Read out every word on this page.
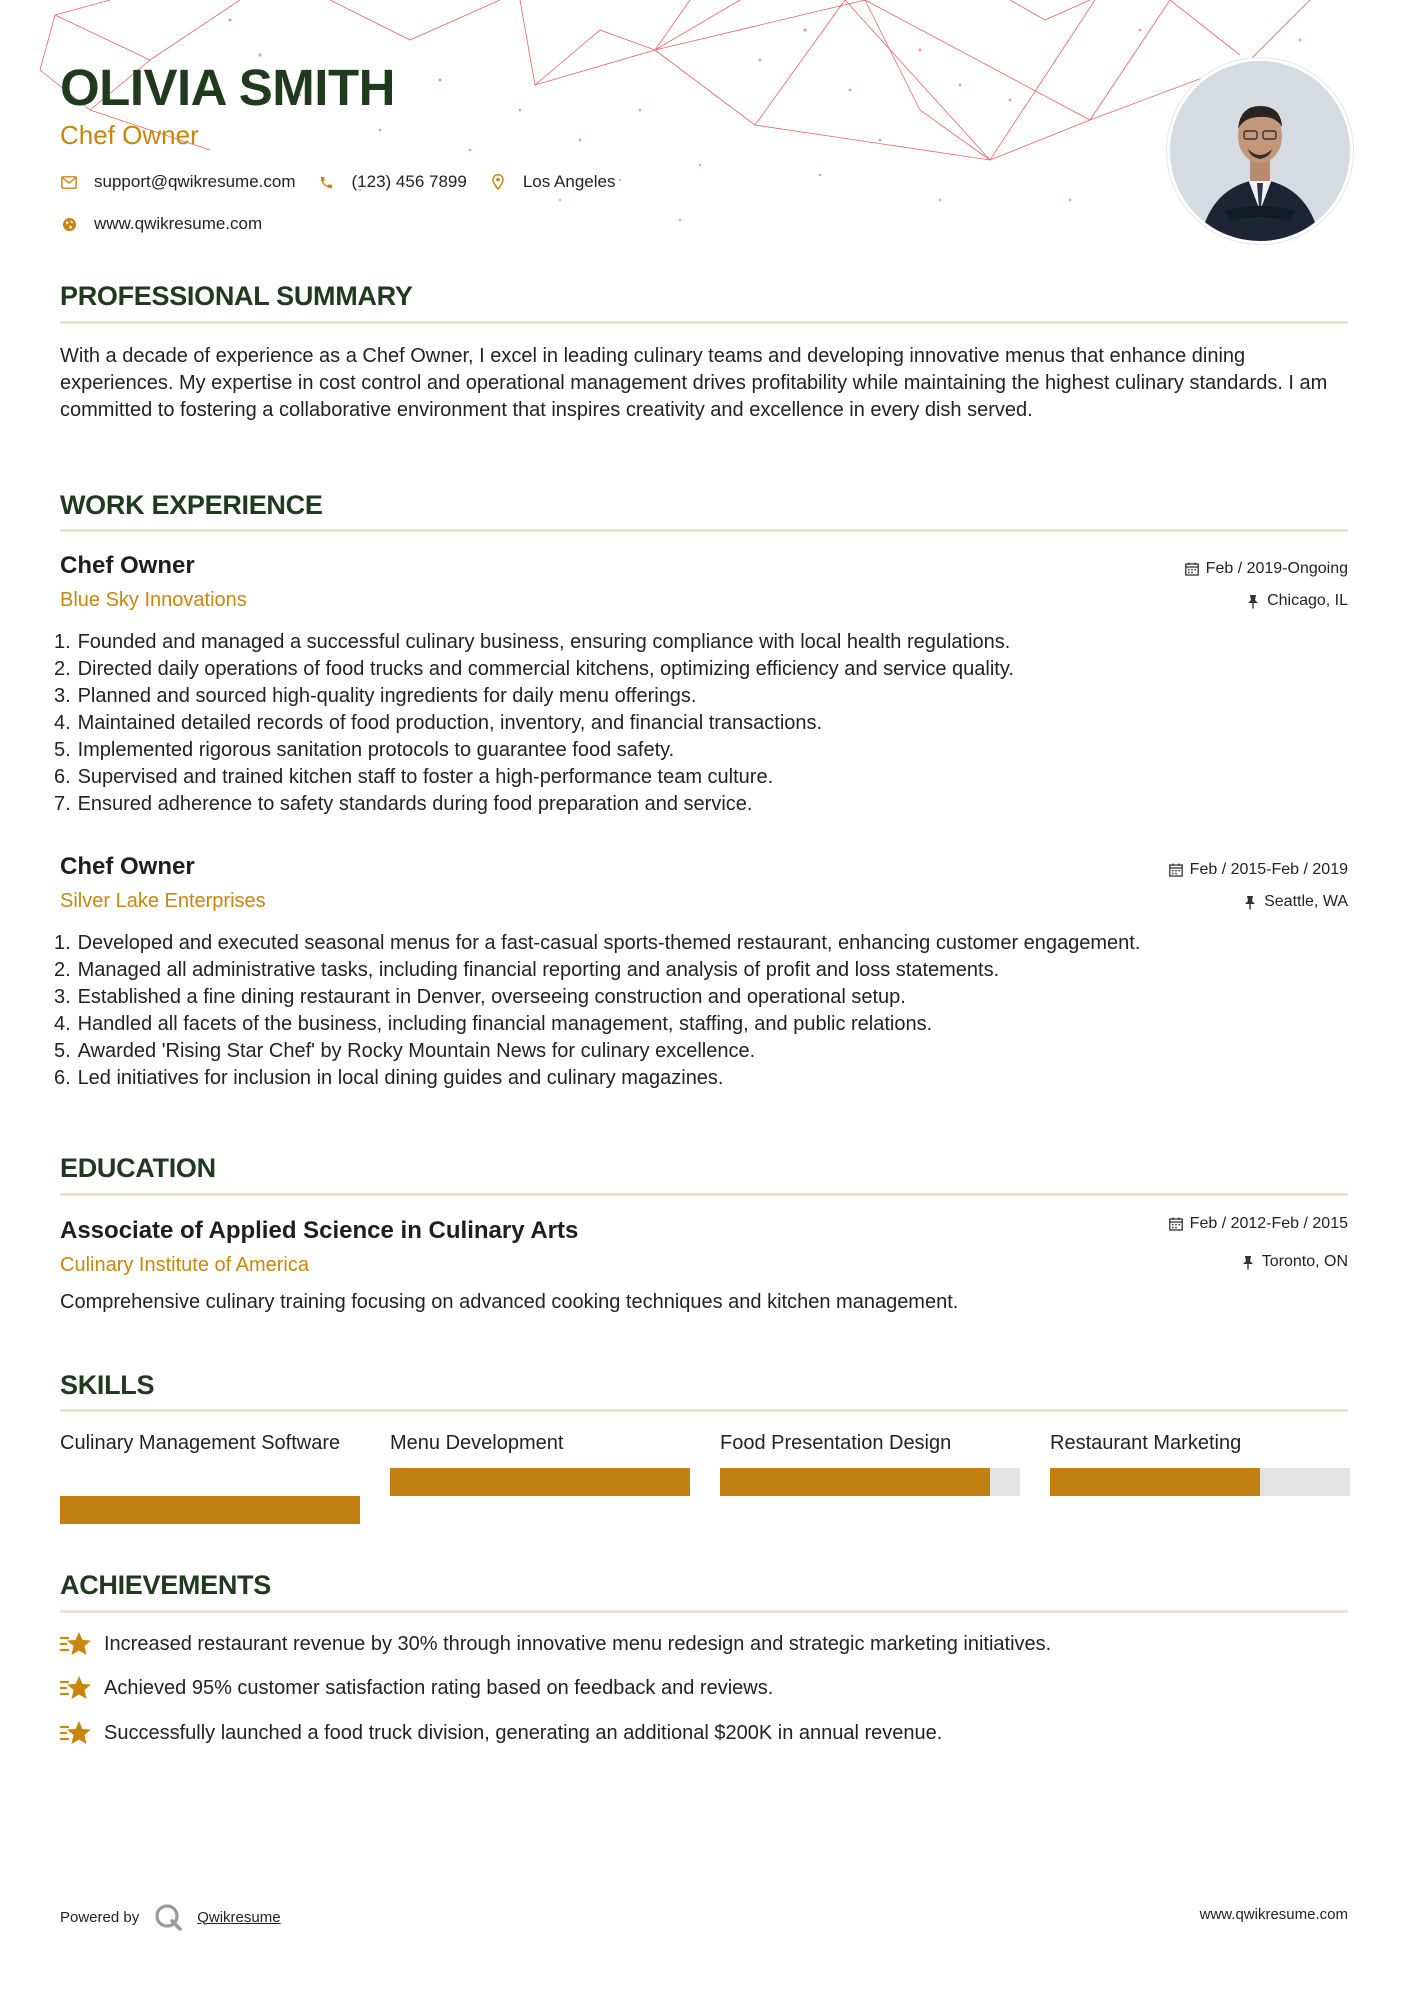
OLIVIA SMITH

Chef Owner

support@qwikresume.com	(123) 456 7899	Los Angeles
www.qwikresume.com
PROFESSIONAL SUMMARY

With a decade of experience as a Chef Owner, I excel in leading culinary teams and developing innovative menus that enhance dining experiences. My expertise in cost control and operational management drives profitability while maintaining the highest culinary standards. I am committed to fostering a collaborative environment that inspires creativity and excellence in every dish served.

WORK EXPERIENCE
Chef Owner

Blue Sky Innovations

Feb / 2019-Ongoing
Chicago, IL
1.
Founded and managed a successful culinary business, ensuring compliance with local health regulations.
2.
Directed daily operations of food trucks and commercial kitchens, optimizing efficiency and service quality.
3.
Planned and sourced high-quality ingredients for daily menu offerings.
4.
Maintained detailed records of food production, inventory, and financial transactions.
5.
Implemented rigorous sanitation protocols to guarantee food safety.
6.
Supervised and trained kitchen staff to foster a high-performance team culture.
7.
Ensured adherence to safety standards during food preparation and service.
Chef Owner

Silver Lake Enterprises

Feb / 2015-Feb / 2019
Seattle, WA
1.
Developed and executed seasonal menus for a fast-casual sports-themed restaurant, enhancing customer engagement.
2.
Managed all administrative tasks, including financial reporting and analysis of profit and loss statements.
3.
Established a fine dining restaurant in Denver, overseeing construction and operational setup.
4.
Handled all facets of the business, including financial management, staffing, and public relations.
5.
Awarded 'Rising Star Chef' by Rocky Mountain News for culinary excellence.
6.
Led initiatives for inclusion in local dining guides and culinary magazines.
EDUCATION
Associate of Applied Science in Culinary Arts

Culinary Institute of America

Feb / 2012-Feb / 2015
Toronto, ON

Comprehensive culinary training focusing on advanced cooking techniques and kitchen management.

SKILLS
Culinary Management Software	Menu Development	Food Presentation Design	Restaurant Marketing
ACHIEVEMENTS
Increased restaurant revenue by 30% through innovative menu redesign and strategic marketing initiatives.
Achieved 95% customer satisfaction rating based on feedback and reviews.
Successfully launched a food truck division, generating an additional $200K in annual revenue.
Powered by	Qwikresume	www.qwikresume.com
